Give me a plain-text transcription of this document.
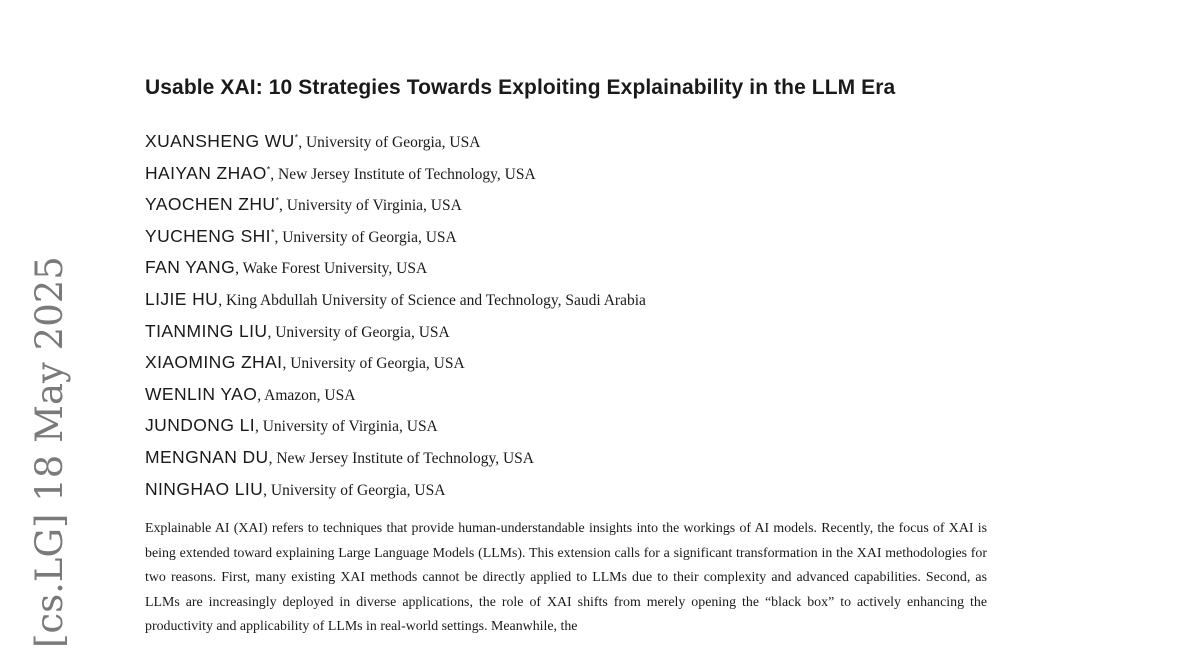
[cs.LG] 18 May 2025
Usable XAI: 10 Strategies Towards Exploiting Explainability in the LLM Era
XUANSHENG WU*, University of Georgia, USA
HAIYAN ZHAO*, New Jersey Institute of Technology, USA
YAOCHEN ZHU*, University of Virginia, USA
YUCHENG SHI*, University of Georgia, USA
FAN YANG, Wake Forest University, USA
LIJIE HU, King Abdullah University of Science and Technology, Saudi Arabia
TIANMING LIU, University of Georgia, USA
XIAOMING ZHAI, University of Georgia, USA
WENLIN YAO, Amazon, USA
JUNDONG LI, University of Virginia, USA
MENGNAN DU, New Jersey Institute of Technology, USA
NINGHAO LIU, University of Georgia, USA

Explainable AI (XAI) refers to techniques that provide human-understandable insights into the workings of AI models. Recently, the focus of XAI is being extended toward explaining Large Language Models (LLMs). This extension calls for a significant transformation in the XAI methodologies for two reasons. First, many existing XAI methods cannot be directly applied to LLMs due to their complexity and advanced capabilities. Second, as LLMs are increasingly deployed in diverse applications, the role of XAI shifts from merely opening the “black box” to actively enhancing the productivity and applicability of LLMs in real-world settings. Meanwhile, the
